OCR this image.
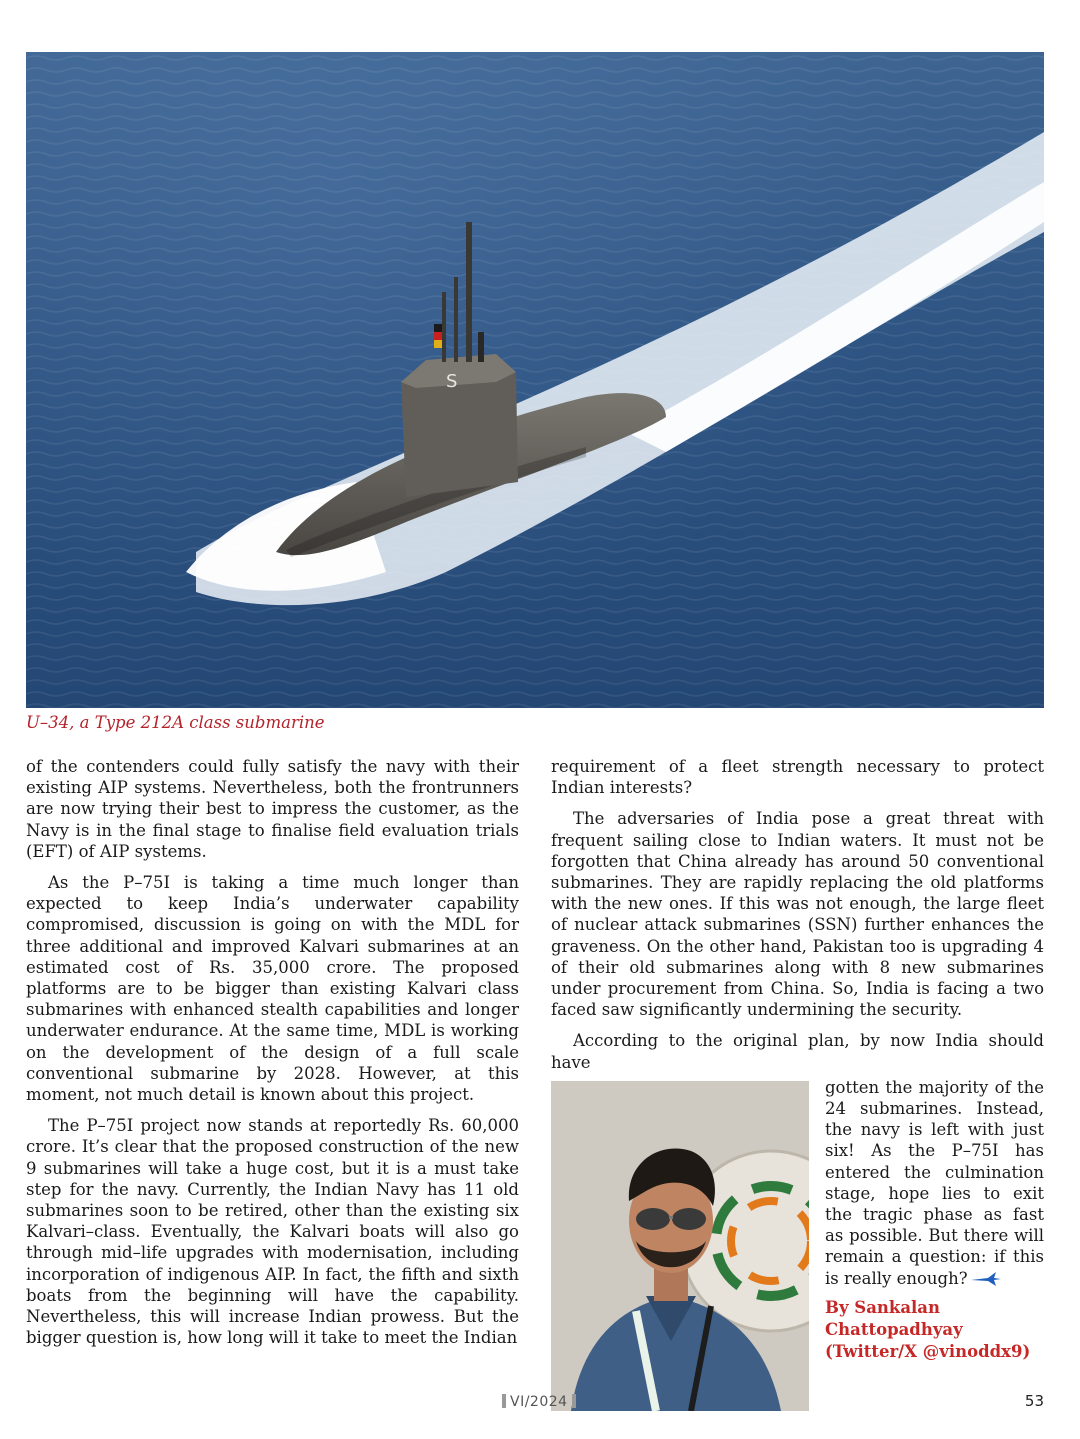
S
U–34, a Type 212A class submarine

of the contenders could fully satisfy the navy with their existing AIP systems. Nevertheless, both the frontrunners are now trying their best to impress the customer, as the Navy is in the final stage to finalise field evaluation trials (EFT) of AIP systems.

As the P–75I is taking a time much longer than expected to keep India’s underwater capability compromised, discussion is going on with the MDL for three additional and improved Kalvari submarines at an estimated cost of Rs. 35,000 crore. The proposed platforms are to be bigger than existing Kalvari class submarines with enhanced stealth capabilities and longer underwater endurance. At the same time, MDL is working on the development of the design of a full scale conventional submarine by 2028. However, at this moment, not much detail is known about this project.

The P–75I project now stands at reportedly Rs. 60,000 crore. It’s clear that the proposed construction of the new 9 submarines will take a huge cost, but it is a must take step for the navy. Currently, the Indian Navy has 11 old submarines soon to be retired, other than the existing six Kalvari–class. Eventually, the Kalvari boats will also go through mid–life upgrades with modernisation, including incorporation of indigenous AIP. In fact, the fifth and sixth boats from the beginning will have the capability. Nevertheless, this will increase Indian prowess. But the bigger question is, how long will it take to meet the Indian

requirement of a fleet strength necessary to protect Indian interests?

The adversaries of India pose a great threat with frequent sailing close to Indian waters. It must not be forgotten that China already has around 50 conventional submarines. They are rapidly replacing the old platforms with the new ones. If this was not enough, the large fleet of nuclear attack submarines (SSN) further enhances the graveness. On the other hand, Pakistan too is upgrading 4 of their old submarines along with 8 new submarines under procurement from China. So, India is facing a two faced saw significantly undermining the security.

According to the original plan, by now India should have

gotten the majority of the 24 submarines. Instead, the navy is left with just six! As the P–75I has entered the culmination stage, hope lies to exit the tragic phase as fast as possible. But there will remain a question: if this is really enough?

By Sankalan
Chattopadhyay
(Twitter/X @vinoddx9)
VI/2024	53
